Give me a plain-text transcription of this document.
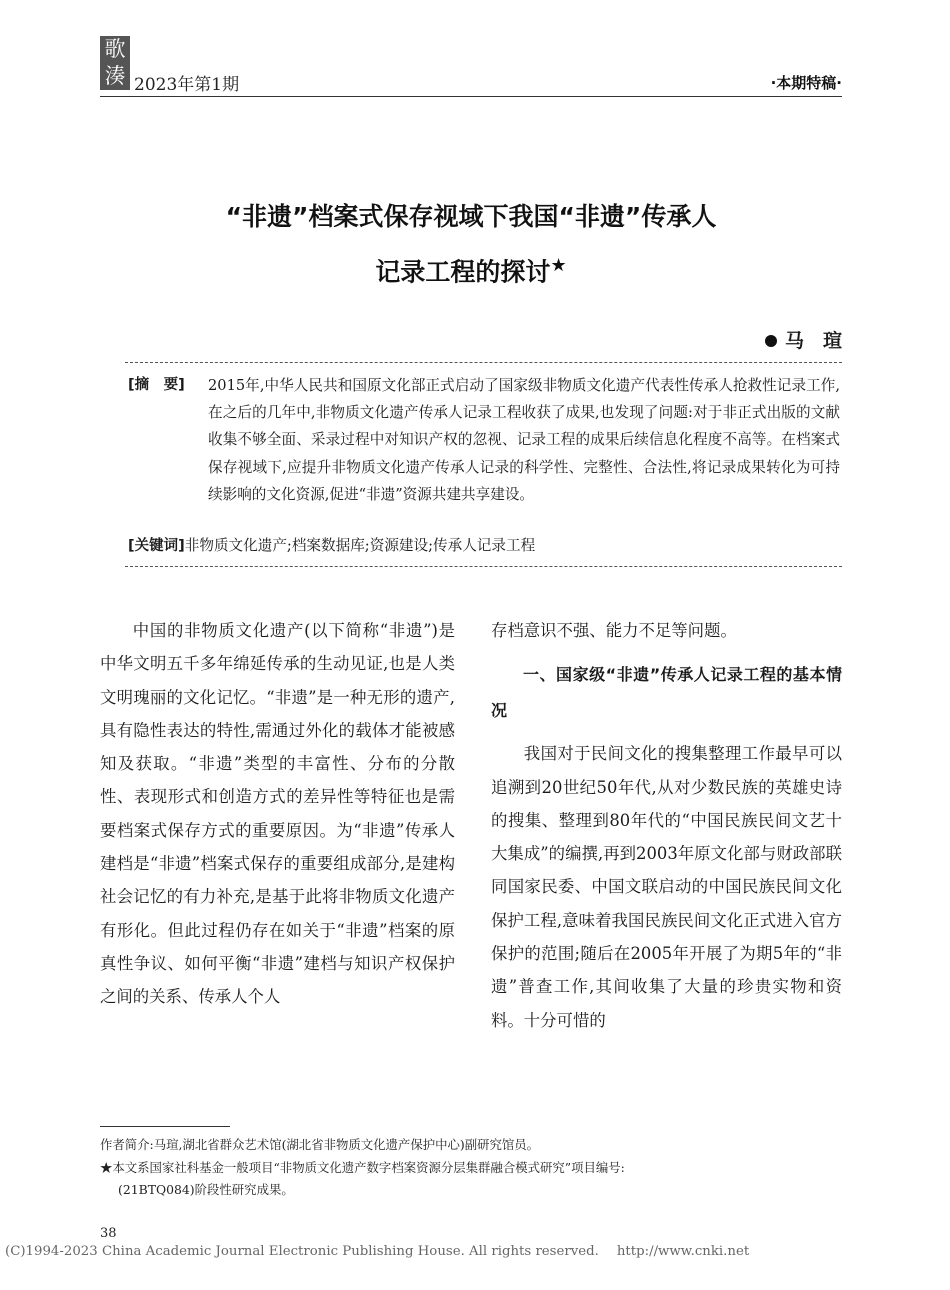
歌
湊 2023年第1期	·本期特稿·
“非遗”档案式保存视域下我国“非遗”传承人
记录工程的探讨★
马　瑄
[摘　要] 2015年,中华人民共和国原文化部正式启动了国家级非物质文化遗产代表性传承人抢救性记录工作,在之后的几年中,非物质文化遗产传承人记录工程收获了成果,也发现了问题:对于非正式出版的文献收集不够全面、采录过程中对知识产权的忽视、记录工程的成果后续信息化程度不高等。在档案式保存视域下,应提升非物质文化遗产传承人记录的科学性、完整性、合法性,将记录成果转化为可持续影响的文化资源,促进“非遗”资源共建共享建设。
[关键词]非物质文化遗产;档案数据库;资源建设;传承人记录工程

中国的非物质文化遗产(以下简称“非遗”)是中华文明五千多年绵延传承的生动见证,也是人类文明瑰丽的文化记忆。“非遗”是一种无形的遗产,具有隐性表达的特性,需通过外化的载体才能被感知及获取。“非遗”类型的丰富性、分布的分散性、表现形式和创造方式的差异性等特征也是需要档案式保存方式的重要原因。为“非遗”传承人建档是“非遗”档案式保存的重要组成部分,是建构社会记忆的有力补充,是基于此将非物质文化遗产有形化。但此过程仍存在如关于“非遗”档案的原真性争议、如何平衡“非遗”建档与知识产权保护之间的关系、传承人个人

存档意识不强、能力不足等问题。

一、国家级“非遗”传承人记录工程的基本情况

我国对于民间文化的搜集整理工作最早可以追溯到20世纪50年代,从对少数民族的英雄史诗的搜集、整理到80年代的“中国民族民间文艺十大集成”的编撰,再到2003年原文化部与财政部联同国家民委、中国文联启动的中国民族民间文化保护工程,意味着我国民族民间文化正式进入官方保护的范围;随后在2005年开展了为期5年的“非遗”普查工作,其间收集了大量的珍贵实物和资料。十分可惜的

作者简介:马瑄,湖北省群众艺术馆(湖北省非物质文化遗产保护中心)副研究馆员。
★本文系国家社科基金一般项目“非物质文化遗产数字档案资源分层集群融合模式研究”项目编号:
(21BTQ084)阶段性研究成果。
38
(C)1994-2023 China Academic Journal Electronic Publishing House. All rights reserved. http://www.cnki.net
